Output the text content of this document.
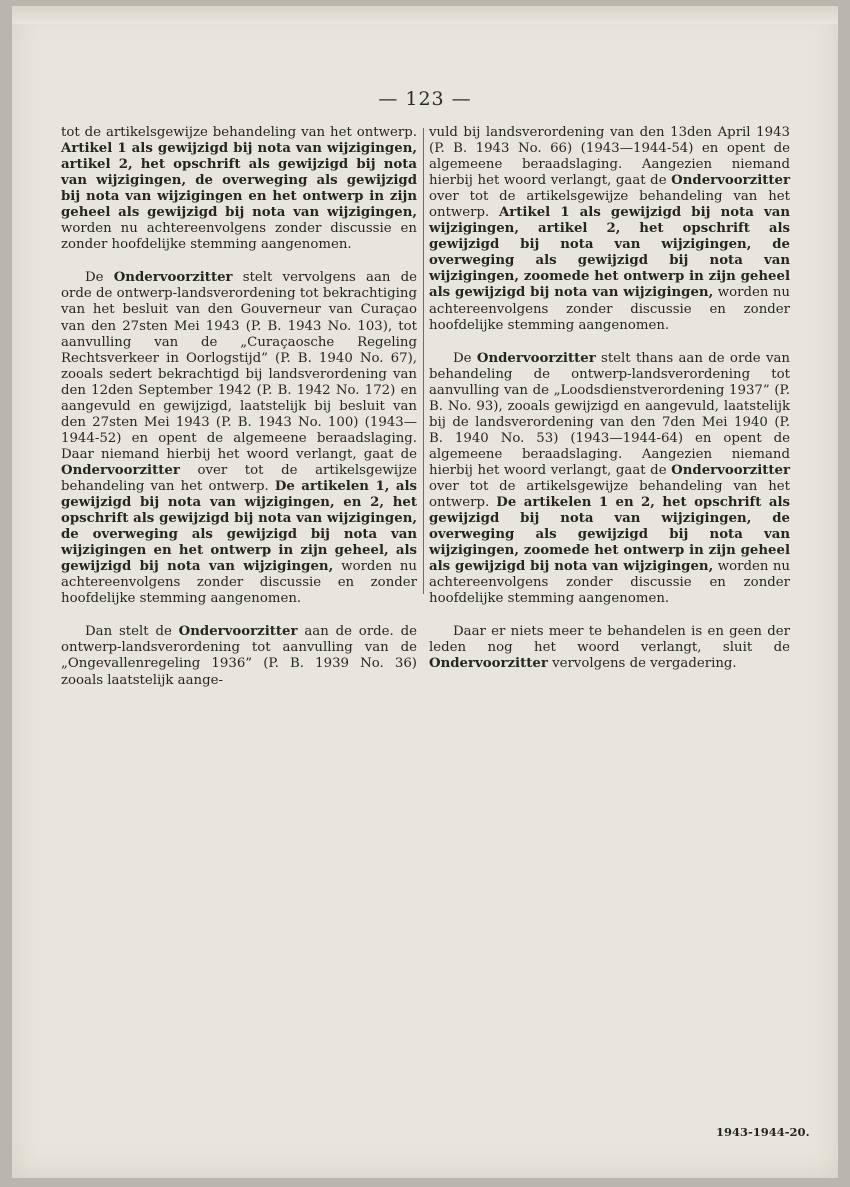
— 123 —

tot de artikelsgewijze behandeling van het ontwerp. Artikel 1 als gewijzigd bij nota van wijzigingen, artikel 2, het opschrift als gewijzigd bij nota van wijzigingen, de overweging als gewijzigd bij nota van wijzigingen en het ontwerp in zijn geheel als gewijzigd bij nota van wijzigingen, worden nu achtereenvolgens zonder discussie en zonder hoofdelijke stemming aangenomen.

De Ondervoorzitter stelt vervolgens aan de orde de ontwerp-landsverordening tot bekrachtiging van het besluit van den Gouverneur van Curaçao van den 27sten Mei 1943 (P. B. 1943 No. 103), tot aanvulling van de „Curaçaosche Regeling Rechtsverkeer in Oorlogstijd” (P. B. 1940 No. 67), zooals sedert bekrachtigd bij landsverordening van den 12den September 1942 (P. B. 1942 No. 172) en aangevuld en gewijzigd, laatstelijk bij besluit van den 27sten Mei 1943 (P. B. 1943 No. 100) (1943—1944-52) en opent de algemeene beraadslaging. Daar niemand hierbij het woord verlangt, gaat de Ondervoorzitter over tot de artikelsgewijze behandeling van het ontwerp. De artikelen 1, als gewijzigd bij nota van wijzigingen, en 2, het opschrift als gewijzigd bij nota van wijzigingen, de overweging als gewijzigd bij nota van wijzigingen en het ontwerp in zijn geheel, als gewijzigd bij nota van wijzigingen, worden nu achtereenvolgens zonder discussie en zonder hoofdelijke stemming aangenomen.

Dan stelt de Ondervoorzitter aan de orde. de ontwerp-landsverordening tot aanvulling van de „Ongevallenregeling 1936” (P. B. 1939 No. 36) zooals laatstelijk aange-

vuld bij landsverordening van den 13den April 1943 (P. B. 1943 No. 66) (1943—1944-54) en opent de algemeene beraadslaging. Aangezien niemand hierbij het woord verlangt, gaat de Ondervoorzitter over tot de artikelsgewijze behandeling van het ontwerp. Artikel 1 als gewijzigd bij nota van wijzigingen, artikel 2, het opschrift als gewijzigd bij nota van wijzigingen, de overweging als gewijzigd bij nota van wijzigingen, zoomede het ontwerp in zijn geheel als gewijzigd bij nota van wijzigingen, worden nu achtereenvolgens zonder discussie en zonder hoofdelijke stemming aangenomen.

De Ondervoorzitter stelt thans aan de orde van behandeling de ontwerp-landsverordening tot aanvulling van de „Loodsdienstverordening 1937” (P. B. No. 93), zooals gewijzigd en aangevuld, laatstelijk bij de landsverordening van den 7den Mei 1940 (P. B. 1940 No. 53) (1943—1944-64) en opent de algemeene beraadslaging. Aangezien niemand hierbij het woord verlangt, gaat de Ondervoorzitter over tot de artikelsgewijze behandeling van het ontwerp. De artikelen 1 en 2, het opschrift als gewijzigd bij nota van wijzigingen, de overweging als gewijzigd bij nota van wijzigingen, zoomede het ontwerp in zijn geheel als gewijzigd bij nota van wijzigingen, worden nu achtereenvolgens zonder discussie en zonder hoofdelijke stemming aangenomen.

Daar er niets meer te behandelen is en geen der leden nog het woord verlangt, sluit de Ondervoorzitter vervolgens de vergadering.

1943-1944-20.
